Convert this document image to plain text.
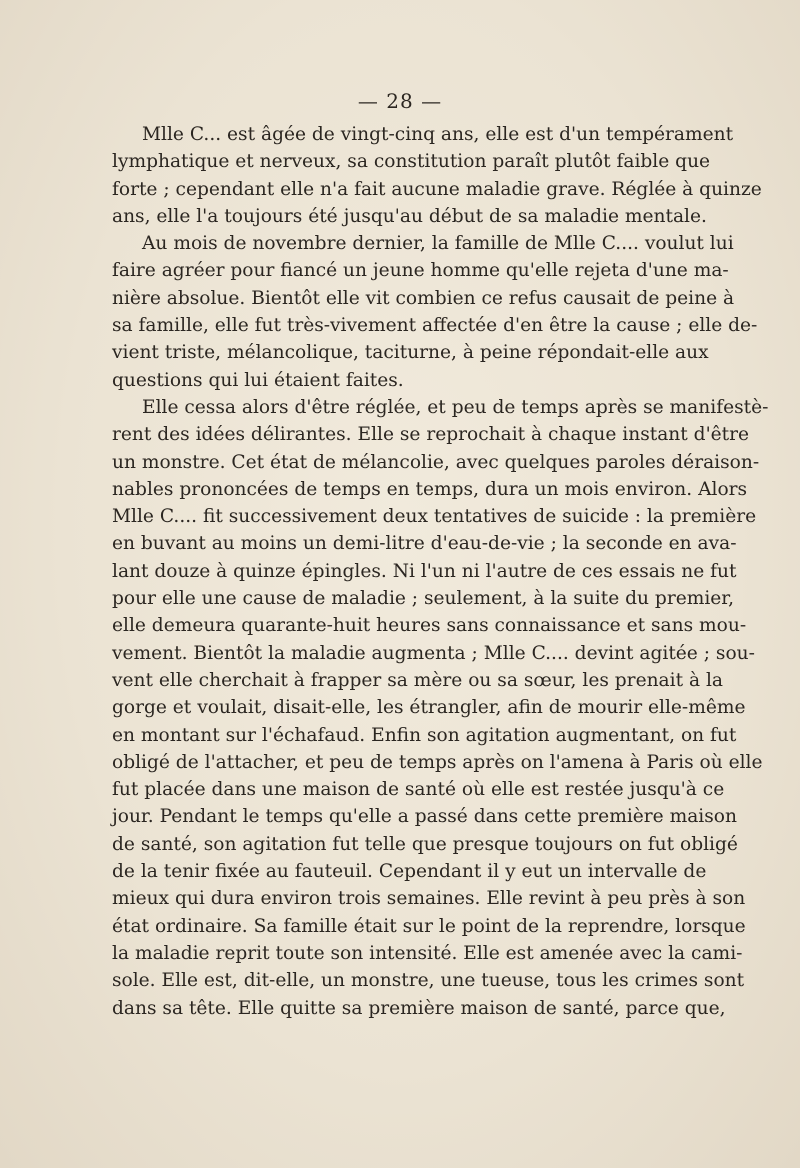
— 28 —
Mlle C... est âgée de vingt-cinq ans, elle est d'un tempérament
lymphatique et nerveux, sa constitution paraît plutôt faible que
forte ; cependant elle n'a fait aucune maladie grave. Réglée à quinze
ans, elle l'a toujours été jusqu'au début de sa maladie mentale.
Au mois de novembre dernier, la famille de Mlle C.... voulut lui
faire agréer pour fiancé un jeune homme qu'elle rejeta d'une ma-
nière absolue. Bientôt elle vit combien ce refus causait de peine à
sa famille, elle fut très-vivement affectée d'en être la cause ; elle de-
vient triste, mélancolique, taciturne, à peine répondait-elle aux
questions qui lui étaient faites.
Elle cessa alors d'être réglée, et peu de temps après se manifestè-
rent des idées délirantes. Elle se reprochait à chaque instant d'être
un monstre. Cet état de mélancolie, avec quelques paroles déraison-
nables prononcées de temps en temps, dura un mois environ. Alors
Mlle C.... fit successivement deux tentatives de suicide : la première
en buvant au moins un demi-litre d'eau-de-vie ; la seconde en ava-
lant douze à quinze épingles. Ni l'un ni l'autre de ces essais ne fut
pour elle une cause de maladie ; seulement, à la suite du premier,
elle demeura quarante-huit heures sans connaissance et sans mou-
vement. Bientôt la maladie augmenta ; Mlle C.... devint agitée ; sou-
vent elle cherchait à frapper sa mère ou sa sœur, les prenait à la
gorge et voulait, disait-elle, les étrangler, afin de mourir elle-même
en montant sur l'échafaud. Enfin son agitation augmentant, on fut
obligé de l'attacher, et peu de temps après on l'amena à Paris où elle
fut placée dans une maison de santé où elle est restée jusqu'à ce
jour. Pendant le temps qu'elle a passé dans cette première maison
de santé, son agitation fut telle que presque toujours on fut obligé
de la tenir fixée au fauteuil. Cependant il y eut un intervalle de
mieux qui dura environ trois semaines. Elle revint à peu près à son
état ordinaire. Sa famille était sur le point de la reprendre, lorsque
la maladie reprit toute son intensité. Elle est amenée avec la cami-
sole. Elle est, dit-elle, un monstre, une tueuse, tous les crimes sont
dans sa tête. Elle quitte sa première maison de santé, parce que,
